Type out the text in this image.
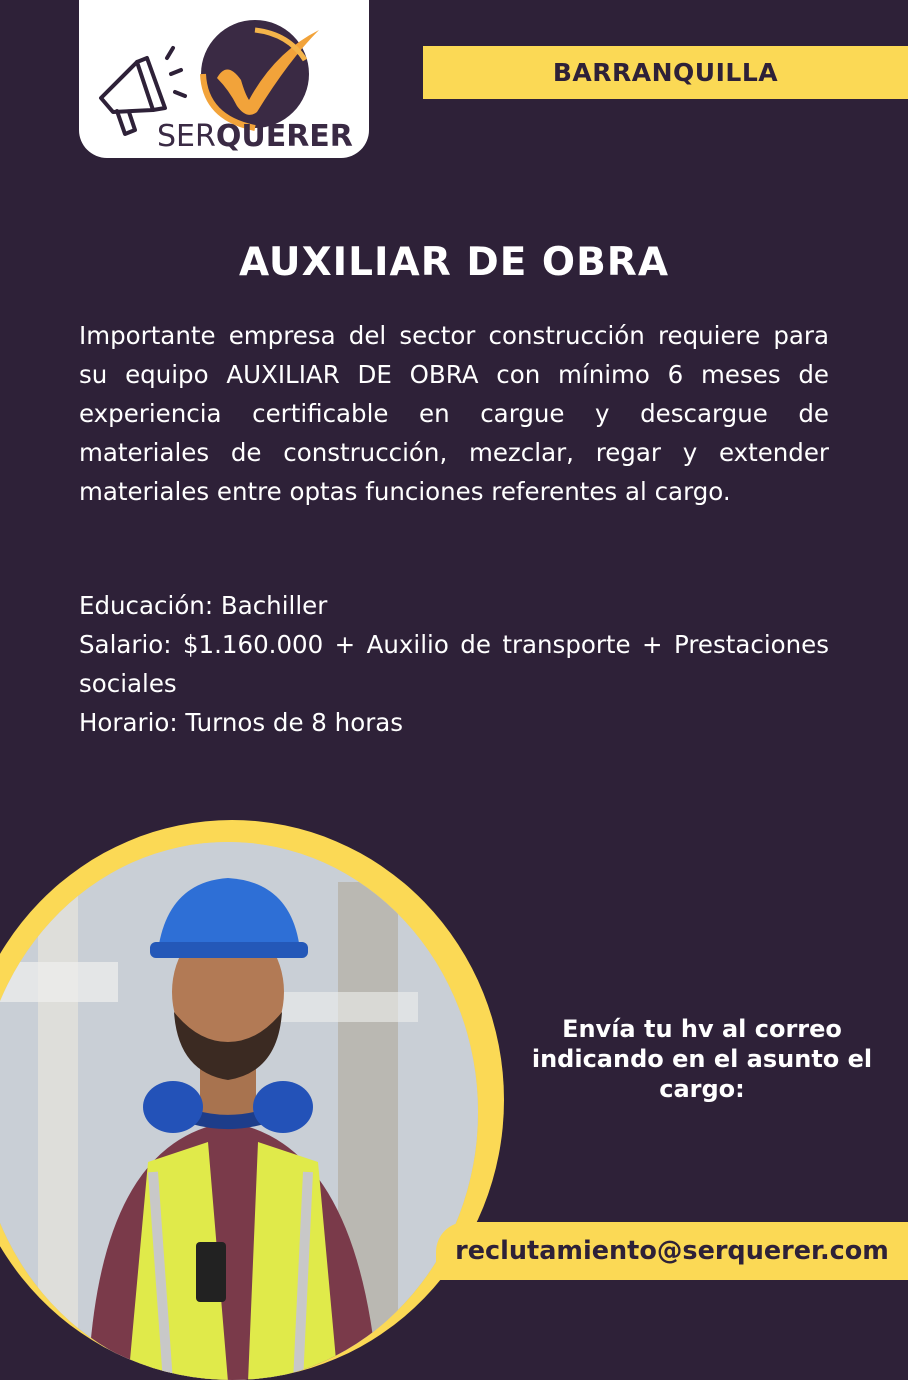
SERQUERER
BARRANQUILLA
AUXILIAR DE OBRA

Importante empresa del sector construcción requiere para su equipo AUXILIAR DE OBRA con mínimo 6 meses de experiencia certificable en cargue y descargue de materiales de construcción, mezclar, regar y extender materiales entre optas funciones referentes al cargo.

Educación: Bachiller
Salario: $1.160.000 + Auxilio de transporte + Prestaciones sociales
Horario: Turnos de 8 horas
Envía tu hv al correo indicando en el asunto el cargo:
reclutamiento@serquerer.com
